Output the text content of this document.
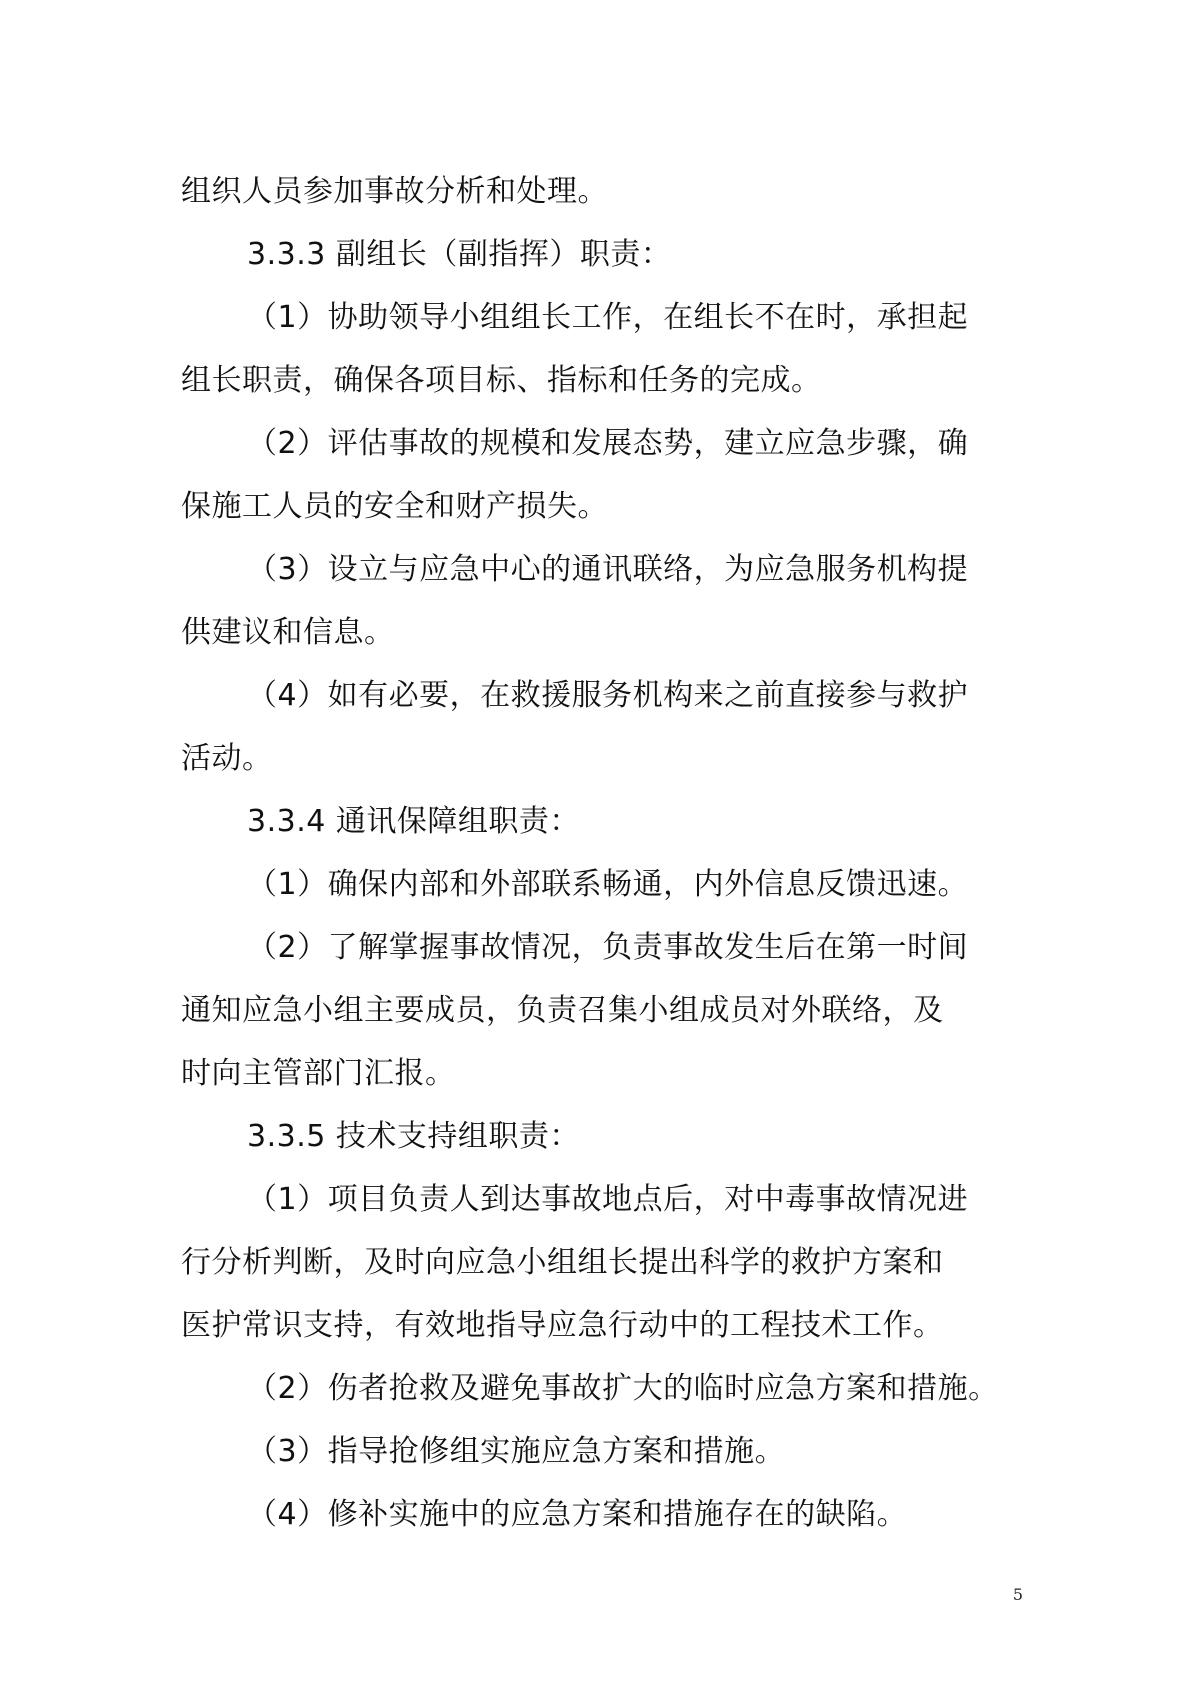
组织人员参加事故分析和处理。
3.3.3 副组长（副指挥）职责：
（1）协助领导小组组长工作，在组长不在时，承担起
组长职责，确保各项目标、指标和任务的完成。
（2）评估事故的规模和发展态势，建立应急步骤，确
保施工人员的安全和财产损失。
（3）设立与应急中心的通讯联络，为应急服务机构提
供建议和信息。
（4）如有必要，在救援服务机构来之前直接参与救护
活动。
3.3.4 通讯保障组职责：
（1）确保内部和外部联系畅通，内外信息反馈迅速。
（2）了解掌握事故情况，负责事故发生后在第一时间
通知应急小组主要成员，负责召集小组成员对外联络，及
时向主管部门汇报。
3.3.5 技术支持组职责：
（1）项目负责人到达事故地点后，对中毒事故情况进
行分析判断，及时向应急小组组长提出科学的救护方案和
医护常识支持，有效地指导应急行动中的工程技术工作。
（2）伤者抢救及避免事故扩大的临时应急方案和措施。
（3）指导抢修组实施应急方案和措施。
（4）修补实施中的应急方案和措施存在的缺陷。
5
